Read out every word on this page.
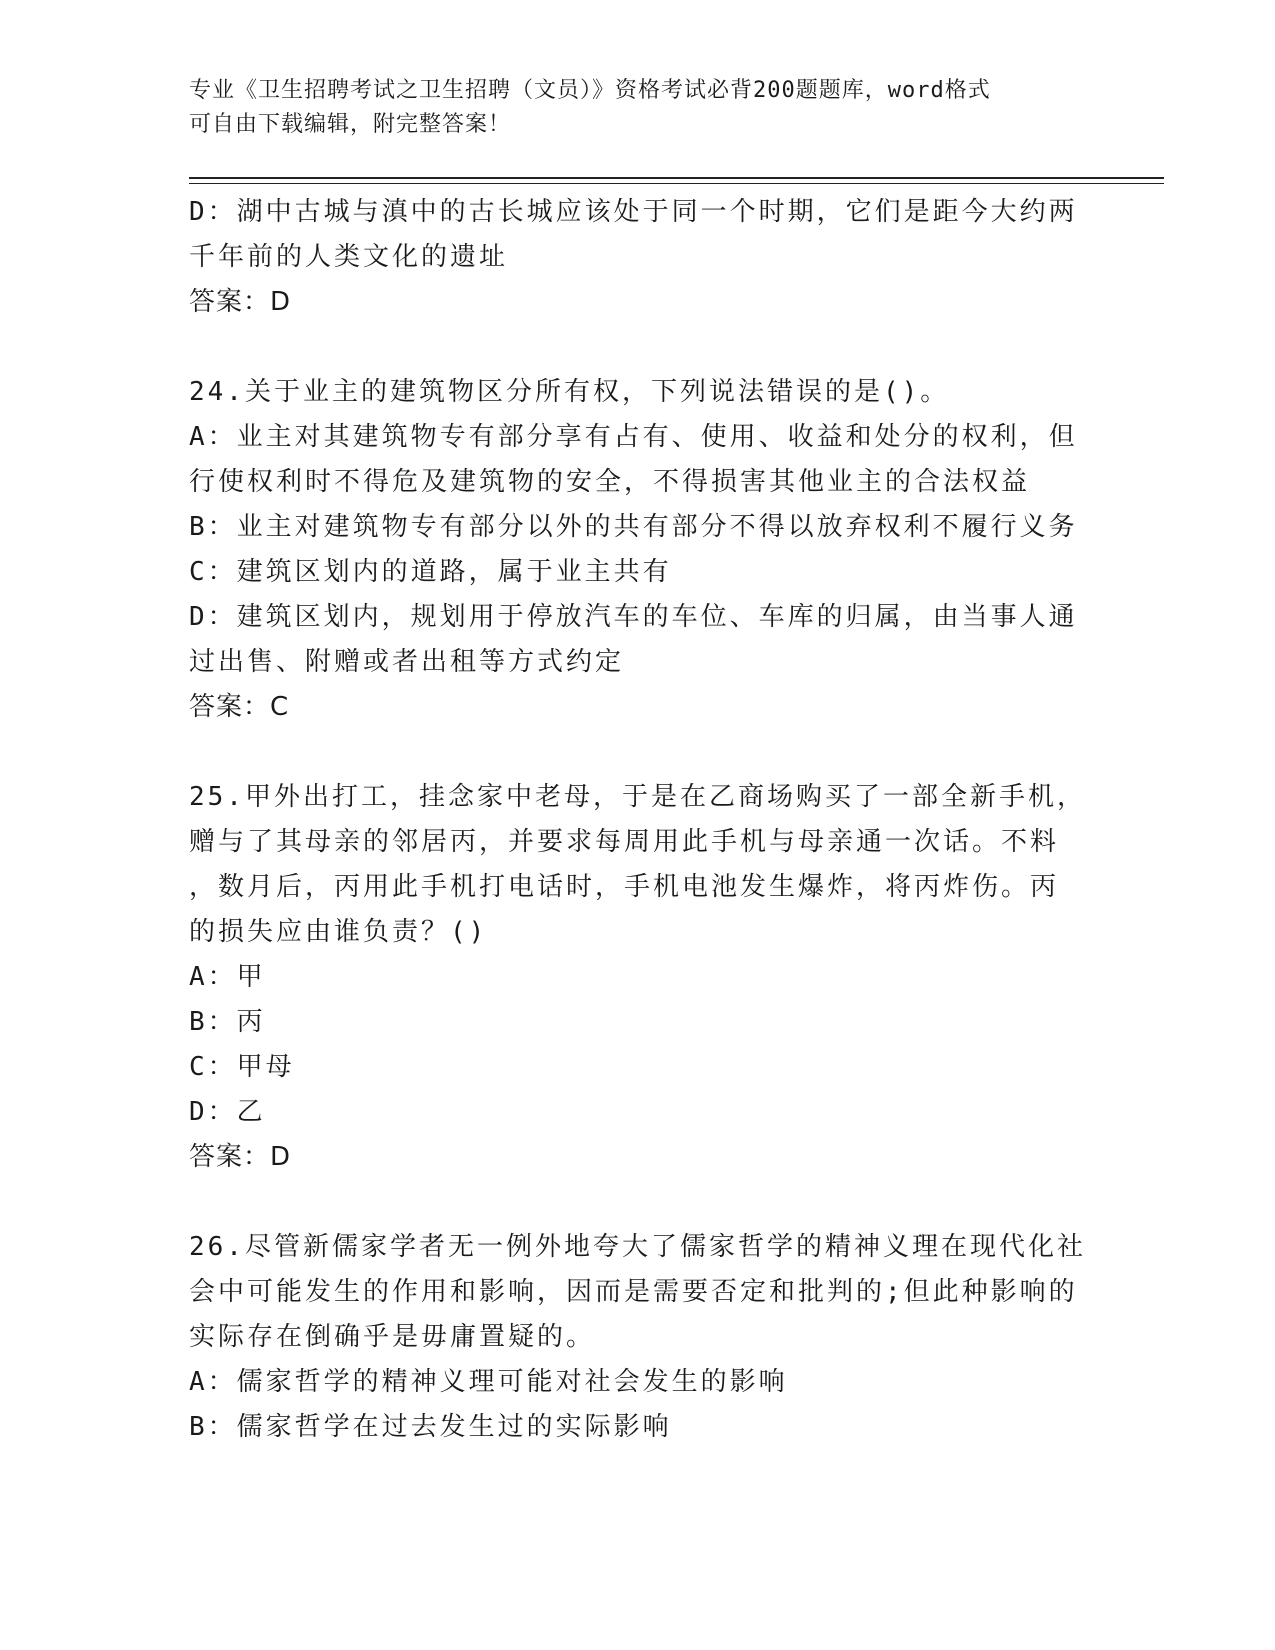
专业《卫生招聘考试之卫生招聘（文员）》资格考试必背200题题库，word格式
可自由下载编辑，附完整答案！
D：湖中古城与滇中的古长城应该处于同一个时期，它们是距今大约两
千年前的人类文化的遗址
答案：D
24.关于业主的建筑物区分所有权，下列说法错误的是()。
A：业主对其建筑物专有部分享有占有、使用、收益和处分的权利，但
行使权利时不得危及建筑物的安全，不得损害其他业主的合法权益
B：业主对建筑物专有部分以外的共有部分不得以放弃权利不履行义务
C：建筑区划内的道路，属于业主共有
D：建筑区划内，规划用于停放汽车的车位、车库的归属，由当事人通
过出售、附赠或者出租等方式约定
答案：C
25.甲外出打工，挂念家中老母，于是在乙商场购买了一部全新手机，
赠与了其母亲的邻居丙，并要求每周用此手机与母亲通一次话。不料
，数月后，丙用此手机打电话时，手机电池发生爆炸，将丙炸伤。丙
的损失应由谁负责？()
A：甲
B：丙
C：甲母
D：乙
答案：D
26.尽管新儒家学者无一例外地夸大了儒家哲学的精神义理在现代化社
会中可能发生的作用和影响，因而是需要否定和批判的;但此种影响的
实际存在倒确乎是毋庸置疑的。
A：儒家哲学的精神义理可能对社会发生的影响
B：儒家哲学在过去发生过的实际影响
